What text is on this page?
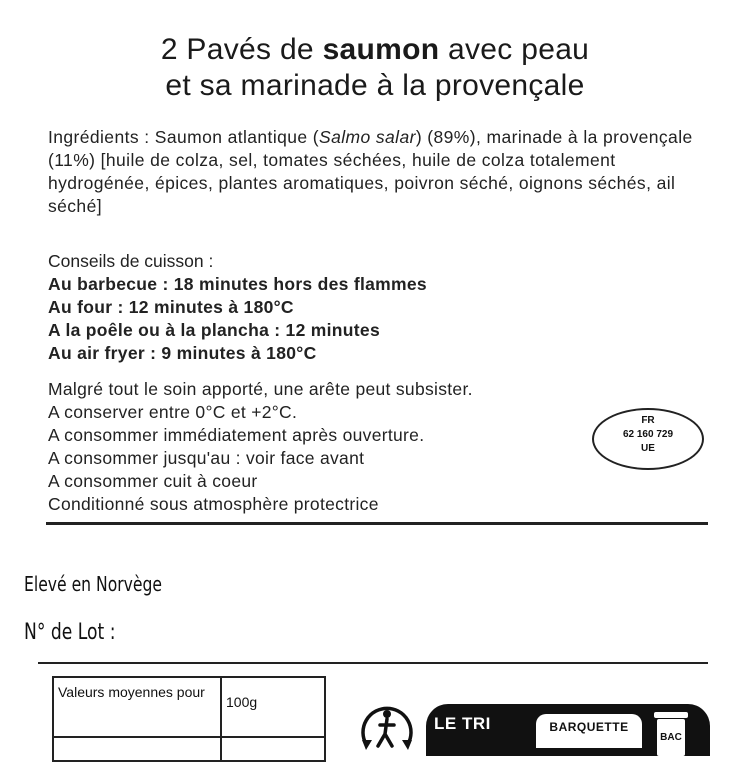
2 Pavés de saumon avec peau
et sa marinade à la provençale
Ingrédients : Saumon atlantique (Salmo salar) (89%), marinade à la provençale (11%) [huile de colza, sel, tomates séchées, huile de colza totalement hydrogénée, épices, plantes aromatiques, poivron séché, oignons séchés, ail séché]
Conseils de cuisson :
Au barbecue : 18 minutes hors des flammes
Au four : 12 minutes à 180°C
A la poêle ou à la plancha : 12 minutes
Au air fryer : 9 minutes à 180°C
Malgré tout le soin apporté, une arête peut subsister.
A conserver entre 0°C et +2°C.
A consommer immédiatement après ouverture.
A consommer jusqu'au : voir face avant
A consommer cuit à coeur
Conditionné sous atmosphère protectrice
FR
62 160 729
UE
Elevé en Norvège
N° de Lot :
Valeurs moyennes pour	100g

LE TRI	BARQUETTE
BAC
